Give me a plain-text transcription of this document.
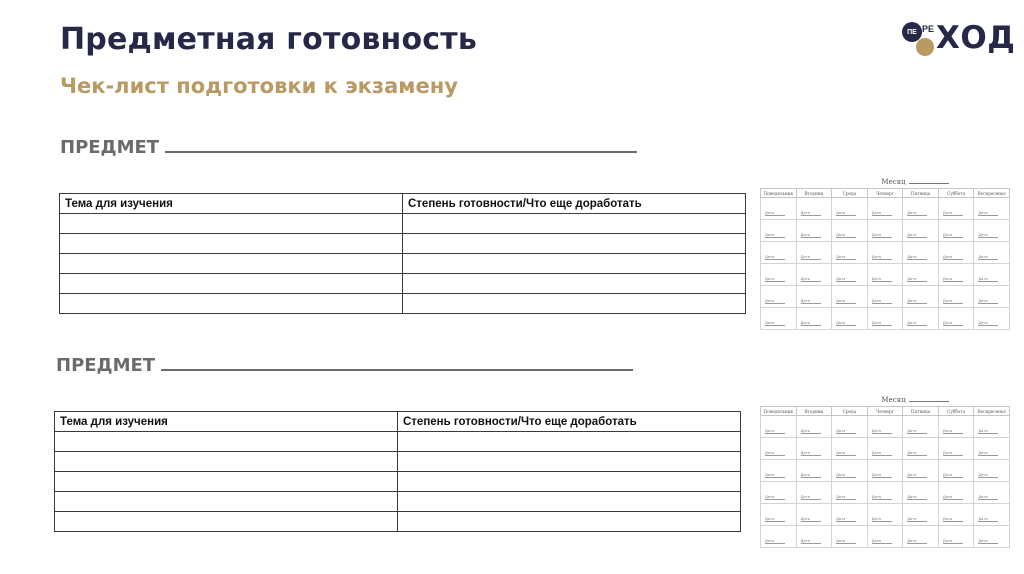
Предметная готовность
Чек-лист подготовки к экзамену
ПЕ РЕ ХОД
ПРЕДМЕТ
Тема для изучения	Степень готовности/Что еще доработать

Месяц
Понедельник	Вторник	Среда	Четверг	Пятница	Суббота	Воскресенье

Дата	Дата	Дата	Дата	Дата	Дата	Дата

Дата	Дата	Дата	Дата	Дата	Дата	Дата

Дата	Дата	Дата	Дата	Дата	Дата	Дата

Дата	Дата	Дата	Дата	Дата	Дата	Дата

Дата	Дата	Дата	Дата	Дата	Дата	Дата

Дата	Дата	Дата	Дата	Дата	Дата	Дата
ПРЕДМЕТ
Тема для изучения	Степень готовности/Что еще доработать

Месяц
Понедельник	Вторник	Среда	Четверг	Пятница	Суббота	Воскресенье

Дата	Дата	Дата	Дата	Дата	Дата	Дата

Дата	Дата	Дата	Дата	Дата	Дата	Дата

Дата	Дата	Дата	Дата	Дата	Дата	Дата

Дата	Дата	Дата	Дата	Дата	Дата	Дата

Дата	Дата	Дата	Дата	Дата	Дата	Дата

Дата	Дата	Дата	Дата	Дата	Дата	Дата
